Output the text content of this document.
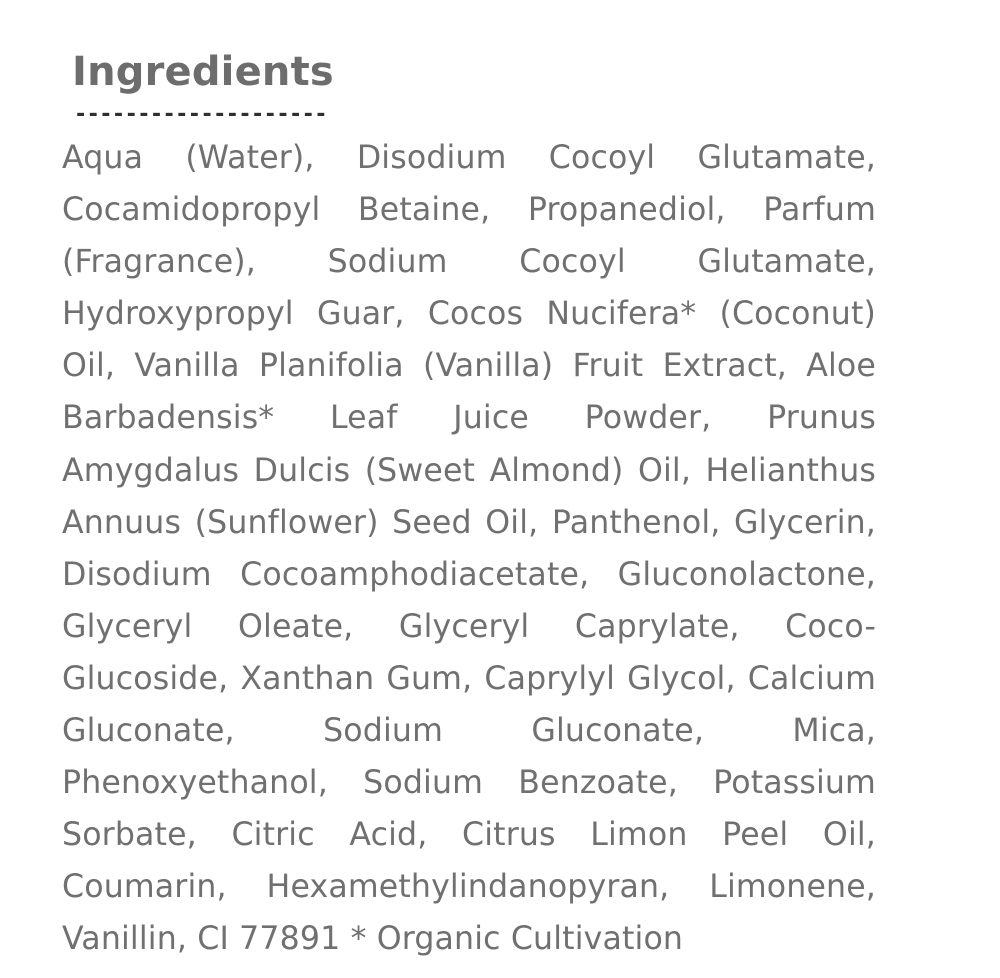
Ingredients
--------------------

Aqua (Water), Disodium Cocoyl Glutamate, Cocamidopropyl Betaine, Propanediol, Parfum (Fragrance), Sodium Cocoyl Glutamate, Hydroxypropyl Guar, Cocos Nucifera* (Coconut) Oil, Vanilla Planifolia (Vanilla) Fruit Extract, Aloe Barbadensis* Leaf Juice Powder, Prunus Amygdalus Dulcis (Sweet Almond) Oil, Helianthus Annuus (Sunflower) Seed Oil, Panthenol, Glycerin, Disodium Cocoamphodiacetate, Gluconolactone, Glyceryl Oleate, Glyceryl Caprylate, Coco-Glucoside, Xanthan Gum, Caprylyl Glycol, Calcium Gluconate, Sodium Gluconate, Mica, Phenoxyethanol, Sodium Benzoate, Potassium Sorbate, Citric Acid, Citrus Limon Peel Oil, Coumarin, Hexamethylindanopyran, Limonene, Vanillin, CI 77891 * Organic Cultivation
